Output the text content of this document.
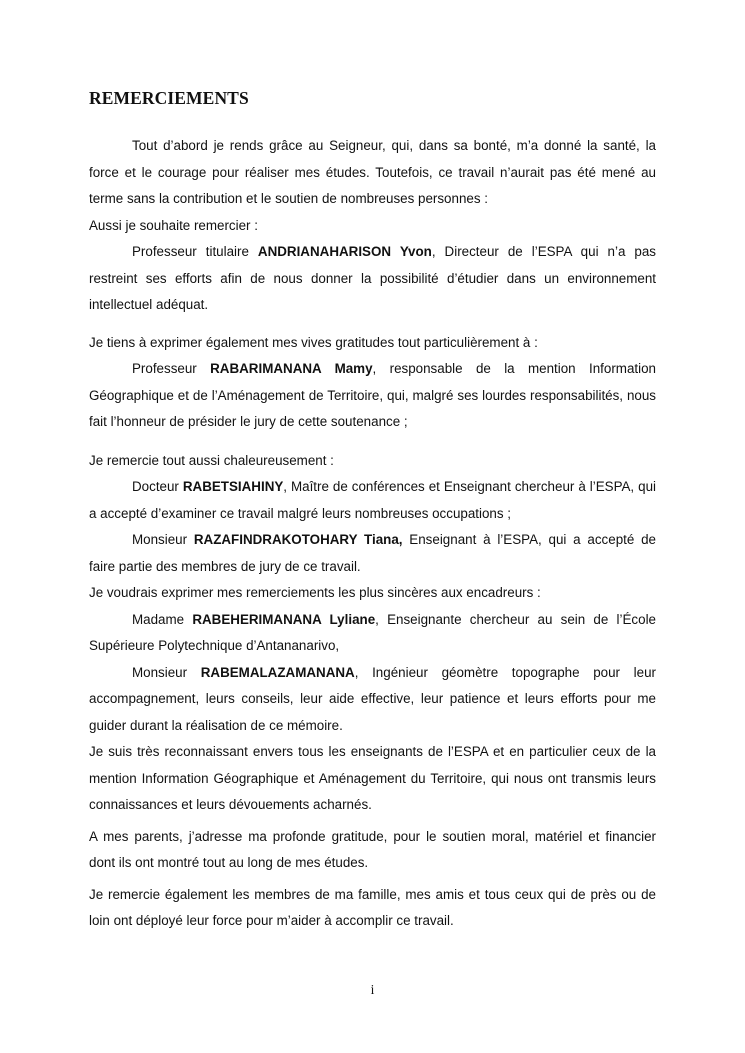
REMERCIEMENTS

Tout d’abord je rends grâce au Seigneur, qui, dans sa bonté, m’a donné la santé, la force et le courage pour réaliser mes études. Toutefois, ce travail n’aurait pas été mené au terme sans la contribution et le soutien de nombreuses personnes :

Aussi je souhaite remercier :

Professeur titulaire ANDRIANAHARISON Yvon, Directeur de l’ESPA qui n’a pas restreint ses efforts afin de nous donner la possibilité d’étudier dans un environnement intellectuel adéquat.

Je tiens à exprimer également mes vives gratitudes tout particulièrement à :

Professeur RABARIMANANA Mamy, responsable de la mention Information Géographique et de l’Aménagement de Territoire, qui, malgré ses lourdes responsabilités, nous fait l’honneur de présider le jury de cette soutenance ;

Je remercie tout aussi chaleureusement :

Docteur RABETSIAHINY, Maître de conférences et Enseignant chercheur à l’ESPA, qui a accepté d’examiner ce travail malgré leurs nombreuses occupations ;

Monsieur RAZAFINDRAKOTOHARY Tiana, Enseignant à l’ESPA, qui a accepté de faire partie des membres de jury de ce travail.

Je voudrais exprimer mes remerciements les plus sincères aux encadreurs :

Madame RABEHERIMANANA Lyliane, Enseignante chercheur au sein de l’École Supérieure Polytechnique d’Antananarivo,

Monsieur RABEMALAZAMANANA, Ingénieur géomètre topographe pour leur accompagnement, leurs conseils, leur aide effective, leur patience et leurs efforts pour me guider durant la réalisation de ce mémoire.

Je suis très reconnaissant envers tous les enseignants de l’ESPA et en particulier ceux de la mention Information Géographique et Aménagement du Territoire, qui nous ont transmis leurs connaissances et leurs dévouements acharnés.

A mes parents, j’adresse ma profonde gratitude, pour le soutien moral, matériel et financier dont ils ont montré tout au long de mes études.

Je remercie également les membres de ma famille, mes amis et tous ceux qui de près ou de loin ont déployé leur force pour m’aider à accomplir ce travail.

i
